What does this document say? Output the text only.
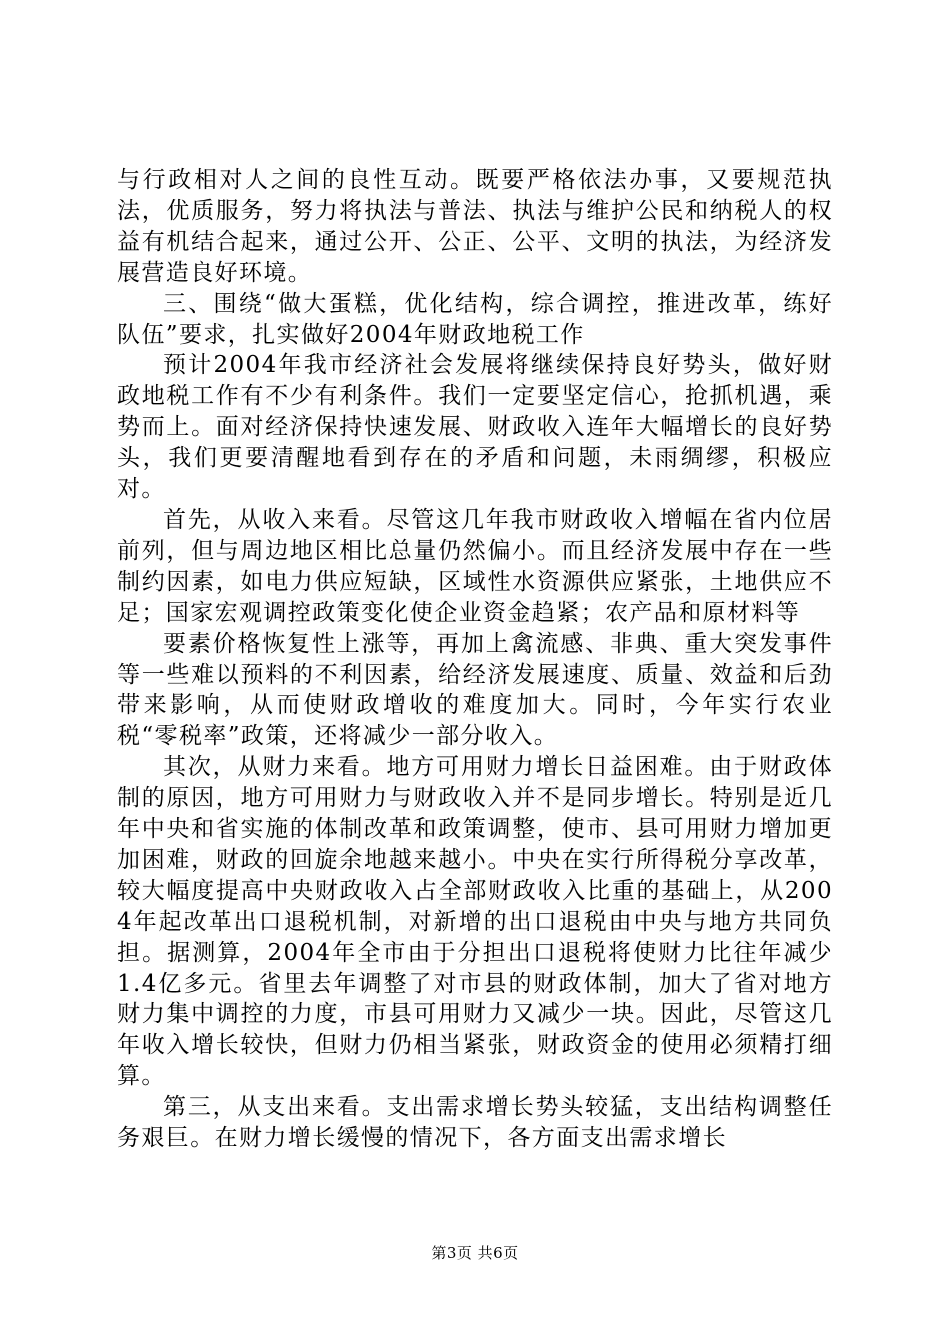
与行政相对人之间的良性互动。既要严格依法办事，又要规范执法，优质服务，努力将执法与普法、执法与维护公民和纳税人的权益有机结合起来，通过公开、公正、公平、文明的执法，为经济发展营造良好环境。

三、围绕“做大蛋糕，优化结构，综合调控，推进改革，练好队伍”要求，扎实做好2004年财政地税工作

预计2004年我市经济社会发展将继续保持良好势头，做好财政地税工作有不少有利条件。我们一定要坚定信心，抢抓机遇，乘势而上。面对经济保持快速发展、财政收入连年大幅增长的良好势头，我们更要清醒地看到存在的矛盾和问题，未雨绸缪，积极应对。

首先，从收入来看。尽管这几年我市财政收入增幅在省内位居前列，但与周边地区相比总量仍然偏小。而且经济发展中存在一些制约因素，如电力供应短缺，区域性水资源供应紧张，土地供应不足；国家宏观调控政策变化使企业资金趋紧；农产品和原材料等

要素价格恢复性上涨等，再加上禽流感、非典、重大突发事件等一些难以预料的不利因素，给经济发展速度、质量、效益和后劲带来影响，从而使财政增收的难度加大。同时，今年实行农业税“零税率”政策，还将减少一部分收入。

其次，从财力来看。地方可用财力增长日益困难。由于财政体制的原因，地方可用财力与财政收入并不是同步增长。特别是近几年中央和省实施的体制改革和政策调整，使市、县可用财力增加更加困难，财政的回旋余地越来越小。中央在实行所得税分享改革，较大幅度提高中央财政收入占全部财政收入比重的基础上，从2004年起改革出口退税机制，对新增的出口退税由中央与地方共同负担。据测算，2004年全市由于分担出口退税将使财力比往年减少1.4亿多元。省里去年调整了对市县的财政体制，加大了省对地方财力集中调控的力度，市县可用财力又减少一块。因此，尽管这几年收入增长较快，但财力仍相当紧张，财政资金的使用必须精打细算。

第三，从支出来看。支出需求增长势头较猛，支出结构调整任务艰巨。在财力增长缓慢的情况下，各方面支出需求增长

第3页 共6页
